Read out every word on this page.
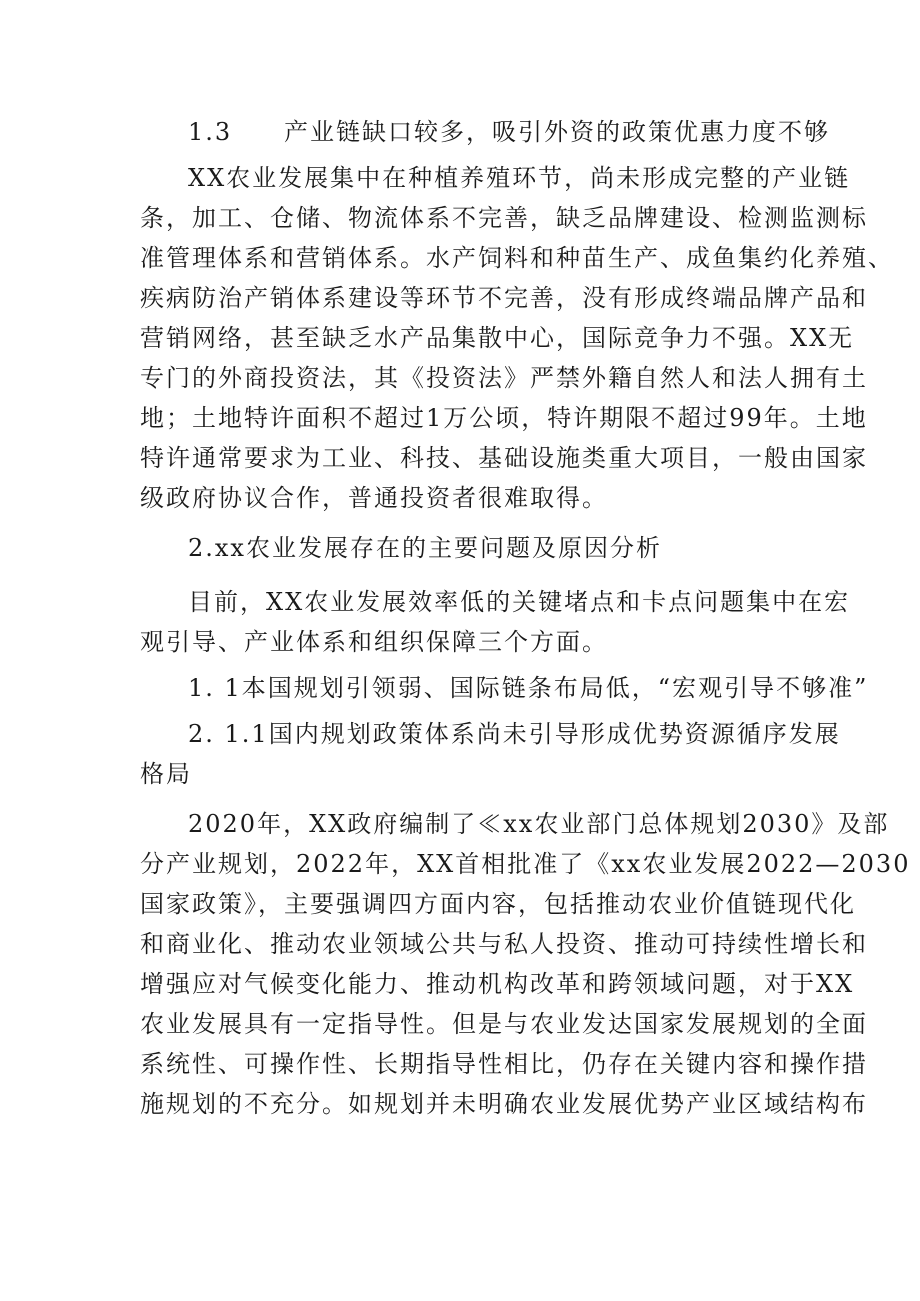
1.3 产业链缺口较多，吸引外资的政策优惠力度不够
XX农业发展集中在种植养殖环节，尚未形成完整的产业链
条，加工、仓储、物流体系不完善，缺乏品牌建设、检测监测标
准管理体系和营销体系。水产饲料和种苗生产、成鱼集约化养殖、
疾病防治产销体系建设等环节不完善，没有形成终端品牌产品和
营销网络，甚至缺乏水产品集散中心，国际竞争力不强。XX无
专门的外商投资法，其《投资法》严禁外籍自然人和法人拥有土
地；土地特许面积不超过1万公顷，特许期限不超过99年。土地
特许通常要求为工业、科技、基础设施类重大项目，一般由国家
级政府协议合作，普通投资者很难取得。
2.xx农业发展存在的主要问题及原因分析
目前，XX农业发展效率低的关键堵点和卡点问题集中在宏
观引导、产业体系和组织保障三个方面。
1. 1本国规划引领弱、国际链条布局低，“宏观引导不够准”
2. 1.1国内规划政策体系尚未引导形成优势资源循序发展
格局
2020年，XX政府编制了≪xx农业部门总体规划2030》及部
分产业规划，2022年，XX首相批准了《xx农业发展2022—2030
国家政策》，主要强调四方面内容，包括推动农业价值链现代化
和商业化、推动农业领域公共与私人投资、推动可持续性增长和
增强应对气候变化能力、推动机构改革和跨领域问题，对于XX
农业发展具有一定指导性。但是与农业发达国家发展规划的全面
系统性、可操作性、长期指导性相比，仍存在关键内容和操作措
施规划的不充分。如规划并未明确农业发展优势产业区域结构布
